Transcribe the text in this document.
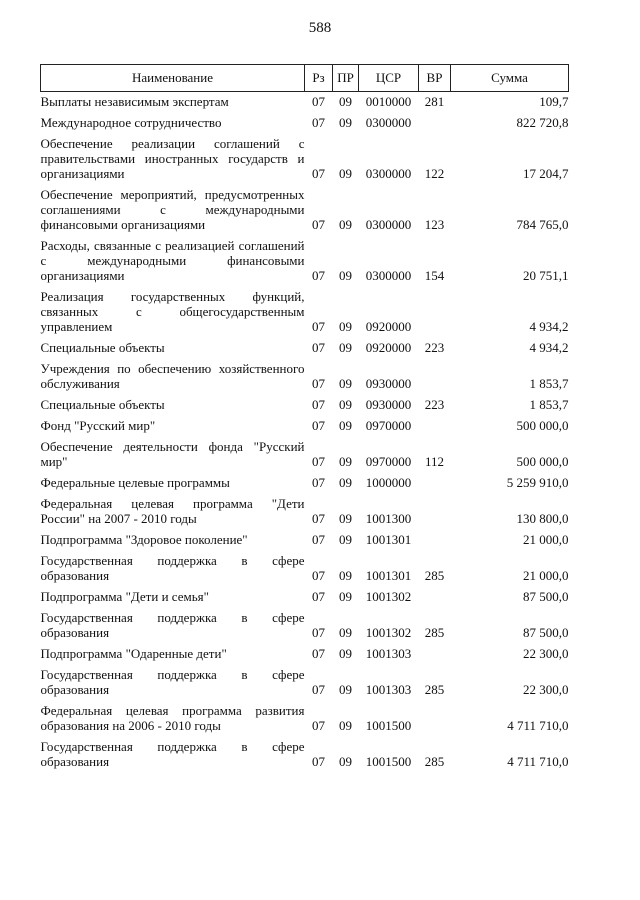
588
Наименование	Рз	ПР	ЦСР	ВР	Сумма
Выплаты независимым экспертам	07	09	0010000	281	109,7
Международное сотрудничество	07	09	0300000		822 720,8
Обеспечение реализации соглашений с правительствами иностранных государств и организациями	07	09	0300000	122	17 204,7
Обеспечение мероприятий, предусмотренных соглашениями с международными финансовыми организациями	07	09	0300000	123	784 765,0
Расходы, связанные с реализацией соглашений с международными финансовыми организациями	07	09	0300000	154	20 751,1
Реализация государственных функций, связанных с общегосударственным управлением	07	09	0920000		4 934,2
Специальные объекты	07	09	0920000	223	4 934,2
Учреждения по обеспечению хозяйственного обслуживания	07	09	0930000		1 853,7
Специальные объекты	07	09	0930000	223	1 853,7
Фонд "Русский мир"	07	09	0970000		500 000,0
Обеспечение деятельности фонда "Русский мир"	07	09	0970000	112	500 000,0
Федеральные целевые программы	07	09	1000000		5 259 910,0
Федеральная целевая программа "Дети России" на 2007 - 2010 годы	07	09	1001300		130 800,0
Подпрограмма "Здоровое поколение"	07	09	1001301		21 000,0
Государственная поддержка в сфере образования	07	09	1001301	285	21 000,0
Подпрограмма "Дети и семья"	07	09	1001302		87 500,0
Государственная поддержка в сфере образования	07	09	1001302	285	87 500,0
Подпрограмма "Одаренные дети"	07	09	1001303		22 300,0
Государственная поддержка в сфере образования	07	09	1001303	285	22 300,0
Федеральная целевая программа развития образования на 2006 - 2010 годы	07	09	1001500		4 711 710,0
Государственная поддержка в сфере образования	07	09	1001500	285	4 711 710,0
